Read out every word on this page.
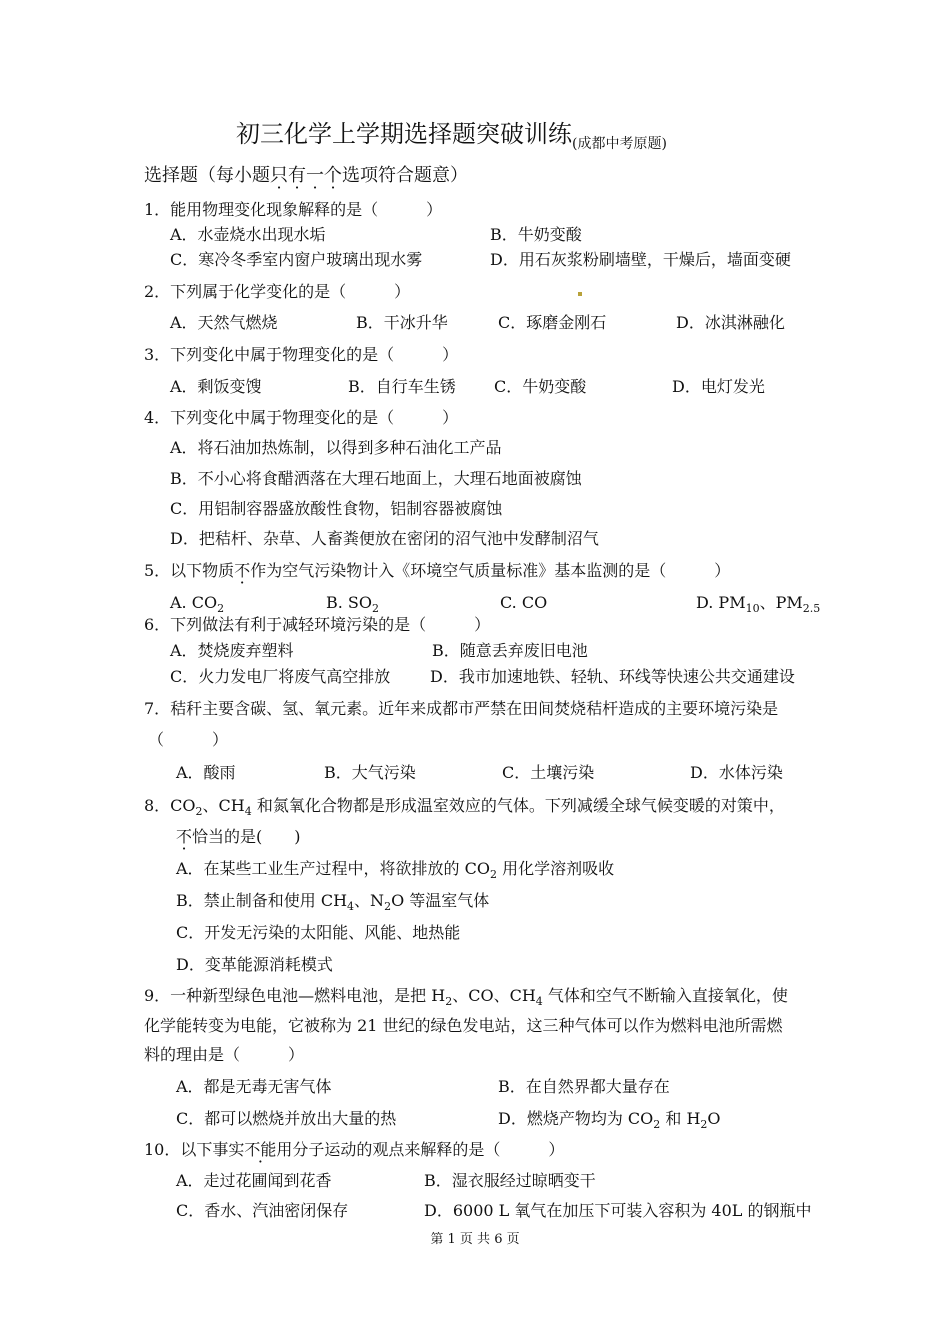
初三化学上学期选择题突破训练$_{(成都中考原题)}$
选择题（每小题只有一个选项符合题意）
1．能用物理变化现象解释的是（　　　）
A．水壶烧水出现水垢	B．牛奶变酸
C．寒冷冬季室内窗户玻璃出现水雾	D．用石灰浆粉刷墙壁，干燥后，墙面变硬
2．下列属于化学变化的是（　　　）
A．天然气燃烧	B．干冰升华	C．琢磨金刚石	D．冰淇淋融化
3．下列变化中属于物理变化的是（　　　）
A．剩饭变馊	B．自行车生锈 C．牛奶变酸	D．电灯发光
4．下列变化中属于物理变化的是（　　　）
A．将石油加热炼制，以得到多种石油化工产品
B．不小心将食醋洒落在大理石地面上，大理石地面被腐蚀
C．用铝制容器盛放酸性食物，铝制容器被腐蚀
D．把秸杆、杂草、人畜粪便放在密闭的沼气池中发酵制沼气
5．以下物质不作为空气污染物计入《环境空气质量标准》基本监测的是（　　　）
A. $CO_2$	B. $SO_2$	C. CO	D. $PM_{10}$、$PM_{2.5}$
6．下列做法有利于减轻环境污染的是（　　　）
A．焚烧废弃塑料	B．随意丢弃废旧电池
C．火力发电厂将废气高空排放 D．我市加速地铁、轻轨、环线等快速公共交通建设
7．秸秆主要含碳、氢、氧元素。近年来成都市严禁在田间焚烧秸杆造成的主要环境污染是
（　　　）
A．酸雨	B．大气污染	C．土壤污染	D．水体污染
8．$CO_2$、$CH_4$ 和氮氧化合物都是形成温室效应的气体。下列减缓全球气候变暖的对策中，
不恰当的是(　　)
A．在某些工业生产过程中，将欲排放的 $CO_2$ 用化学溶剂吸收
B．禁止制备和使用 $CH_4$、$N_2O$ 等温室气体
C．开发无污染的太阳能、风能、地热能
D．变革能源消耗模式
9．一种新型绿色电池—燃料电池，是把 $H_2$、CO、$CH_4$ 气体和空气不断输入直接氧化，使
化学能转变为电能，它被称为 21 世纪的绿色发电站，这三种气体可以作为燃料电池所需燃
料的理由是（　　　）
A．都是无毒无害气体	B．在自然界都大量存在
C．都可以燃烧并放出大量的热	D．燃烧产物均为 $CO_2$ 和 $H_2O$
10．以下事实不能用分子运动的观点来解释的是（　　　）
A．走过花圃闻到花香	B．湿衣服经过晾晒变干
C．香水、汽油密闭保存	D．6000 L 氧气在加压下可装入容积为 40L 的钢瓶中
第 1 页 共 6 页
